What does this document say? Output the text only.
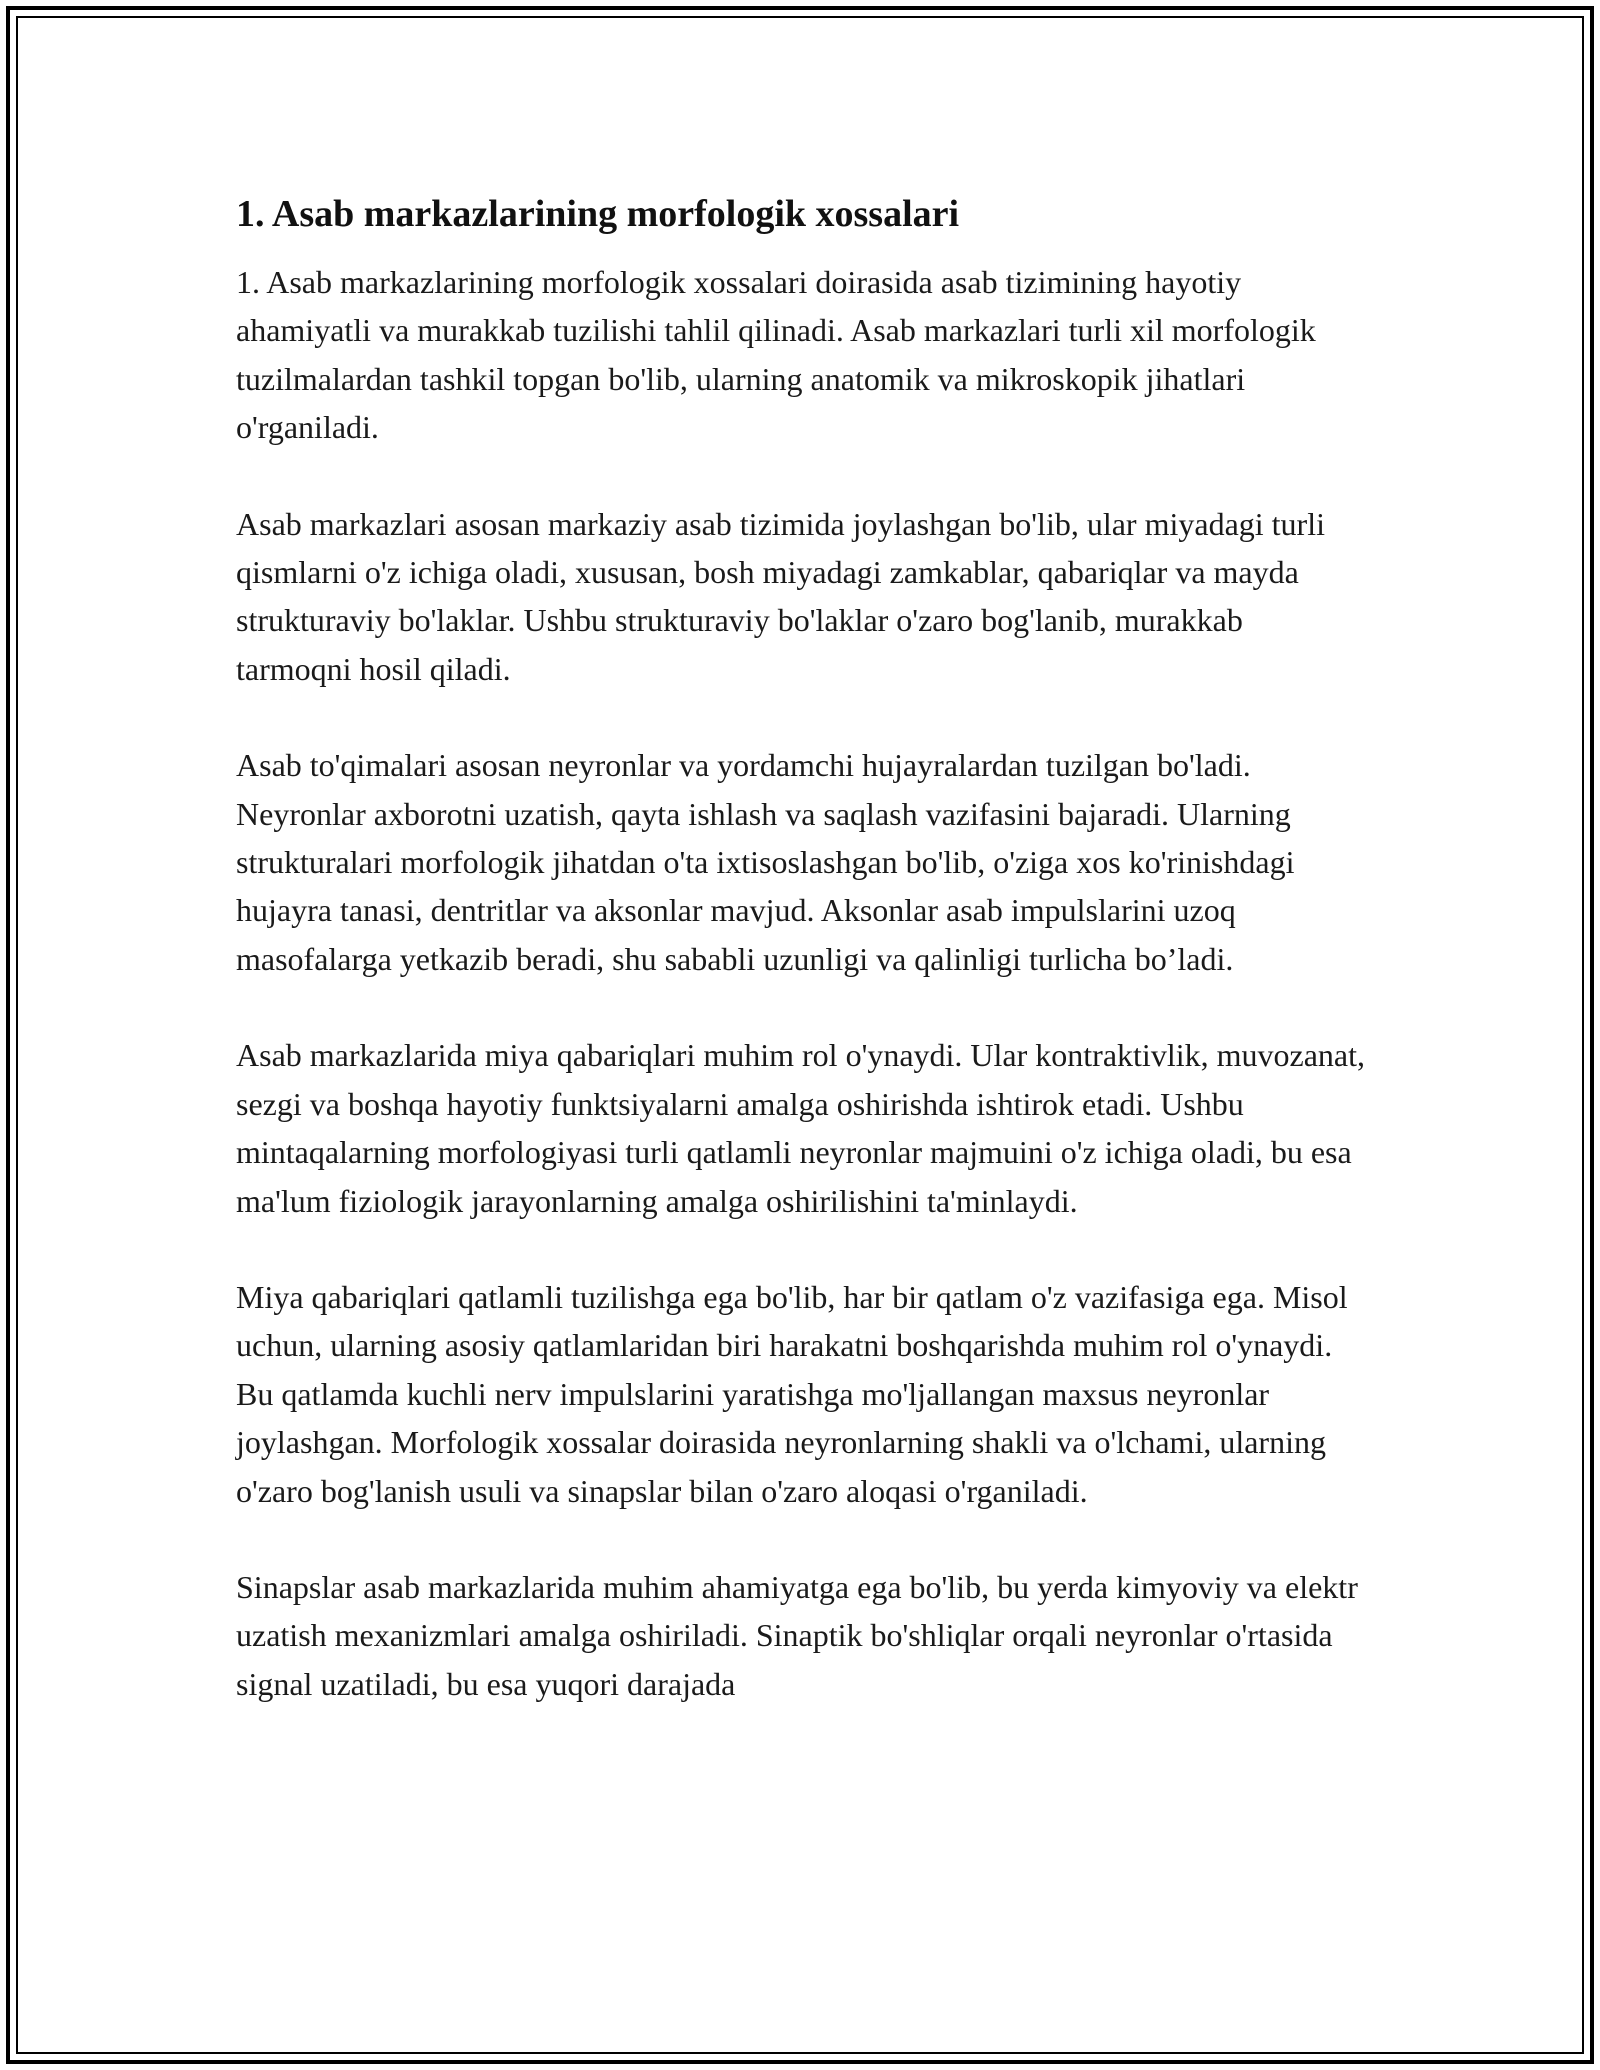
1. Asab markazlarining morfologik xossalari

1. Asab markazlarining morfologik xossalari doirasida asab tizimining hayotiy ahamiyatli va murakkab tuzilishi tahlil qilinadi. Asab markazlari turli xil morfologik tuzilmalardan tashkil topgan bo'lib, ularning anatomik va mikroskopik jihatlari o'rganiladi.

Asab markazlari asosan markaziy asab tizimida joylashgan bo'lib, ular miyadagi turli qismlarni o'z ichiga oladi, xususan, bosh miyadagi zamkablar, qabariqlar va mayda strukturaviy bo'laklar. Ushbu strukturaviy bo'laklar o'zaro bog'lanib, murakkab tarmoqni hosil qiladi.

Asab to'qimalari asosan neyronlar va yordamchi hujayralardan tuzilgan bo'ladi. Neyronlar axborotni uzatish, qayta ishlash va saqlash vazifasini bajaradi. Ularning strukturalari morfologik jihatdan o'ta ixtisoslashgan bo'lib, o'ziga xos ko'rinishdagi hujayra tanasi, dentritlar va aksonlar mavjud. Aksonlar asab impulslarini uzoq masofalarga yetkazib beradi, shu sababli uzunligi va qalinligi turlicha bo’ladi.

Asab markazlarida miya qabariqlari muhim rol o'ynaydi. Ular kontraktivlik, muvozanat, sezgi va boshqa hayotiy funktsiyalarni amalga oshirishda ishtirok etadi. Ushbu mintaqalarning morfologiyasi turli qatlamli neyronlar majmuini o'z ichiga oladi, bu esa ma'lum fiziologik jarayonlarning amalga oshirilishini ta'minlaydi.

Miya qabariqlari qatlamli tuzilishga ega bo'lib, har bir qatlam o'z vazifasiga ega. Misol uchun, ularning asosiy qatlamlaridan biri harakatni boshqarishda muhim rol o'ynaydi. Bu qatlamda kuchli nerv impulslarini yaratishga mo'ljallangan maxsus neyronlar joylashgan. Morfologik xossalar doirasida neyronlarning shakli va o'lchami, ularning o'zaro bog'lanish usuli va sinapslar bilan o'zaro aloqasi o'rganiladi.

Sinapslar asab markazlarida muhim ahamiyatga ega bo'lib, bu yerda kimyoviy va elektr uzatish mexanizmlari amalga oshiriladi. Sinaptik bo'shliqlar orqali neyronlar o'rtasida signal uzatiladi, bu esa yuqori darajada
